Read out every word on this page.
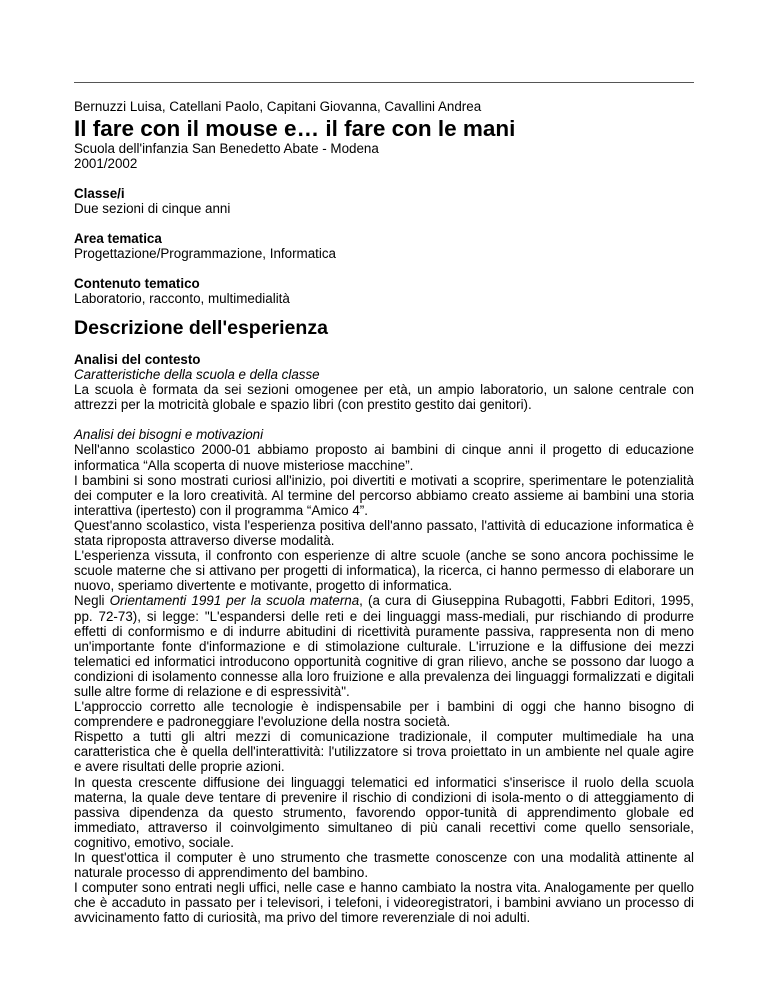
Bernuzzi Luisa, Catellani Paolo, Capitani Giovanna, Cavallini Andrea
Il fare con il mouse e… il fare con le mani
Scuola dell'infanzia San Benedetto Abate - Modena
2001/2002
Classe/i
Due sezioni di cinque anni
Area tematica
Progettazione/Programmazione, Informatica
Contenuto tematico
Laboratorio, racconto, multimedialità
Descrizione dell'esperienza

Analisi del contesto

Caratteristiche della scuola e della classe

La scuola è formata da sei sezioni omogenee per età, un ampio laboratorio, un salone centrale con attrezzi per la motricità globale e spazio libri (con prestito gestito dai genitori).

Analisi dei bisogni e motivazioni

Nell'anno scolastico 2000-01 abbiamo proposto ai bambini di cinque anni il progetto di educazione informatica “Alla scoperta di nuove misteriose macchine”.

I bambini si sono mostrati curiosi all'inizio, poi divertiti e motivati a scoprire, sperimentare le potenzialità dei computer e la loro creatività. Al termine del percorso abbiamo creato assieme ai bambini una storia interattiva (ipertesto) con il programma “Amico 4”.

Quest'anno scolastico, vista l'esperienza positiva dell'anno passato, l'attività di educazione informatica è stata riproposta attraverso diverse modalità.

L'esperienza vissuta, il confronto con esperienze di altre scuole (anche se sono ancora pochissime le scuole materne che si attivano per progetti di informatica), la ricerca, ci hanno permesso di elaborare un nuovo, speriamo divertente e motivante, progetto di informatica.

Negli Orientamenti 1991 per la scuola materna, (a cura di Giuseppina Rubagotti, Fabbri Editori, 1995, pp. 72-73), si legge: "L'espandersi delle reti e dei linguaggi mass-mediali, pur rischiando di produrre effetti di conformismo e di indurre abitudini di ricettività puramente passiva, rappresenta non di meno un'importante fonte d'informazione e di stimolazione culturale. L'irruzione e la diffusione dei mezzi telematici ed informatici introducono opportunità cognitive di gran rilievo, anche se possono dar luogo a condizioni di isolamento connesse alla loro fruizione e alla prevalenza dei linguaggi formalizzati e digitali sulle altre forme di relazione e di espressività".

L'approccio corretto alle tecnologie è indispensabile per i bambini di oggi che hanno bisogno di comprendere e padroneggiare l'evoluzione della nostra società.

Rispetto a tutti gli altri mezzi di comunicazione tradizionale, il computer multimediale ha una caratteristica che è quella dell'interattività: l'utilizzatore si trova proiettato in un ambiente nel quale agire e avere risultati delle proprie azioni.

In questa crescente diffusione dei linguaggi telematici ed informatici s'inserisce il ruolo della scuola materna, la quale deve tentare di prevenire il rischio di condizioni di isola-mento o di atteggiamento di passiva dipendenza da questo strumento, favorendo oppor-tunità di apprendimento globale ed immediato, attraverso il coinvolgimento simultaneo di più canali recettivi come quello sensoriale, cognitivo, emotivo, sociale.

In quest'ottica il computer è uno strumento che trasmette conoscenze con una modalità attinente al naturale processo di apprendimento del bambino.

I computer sono entrati negli uffici, nelle case e hanno cambiato la nostra vita. Analogamente per quello che è accaduto in passato per i televisori, i telefoni, i videoregistratori, i bambini avviano un processo di avvicinamento fatto di curiosità, ma privo del timore reverenziale di noi adulti.
